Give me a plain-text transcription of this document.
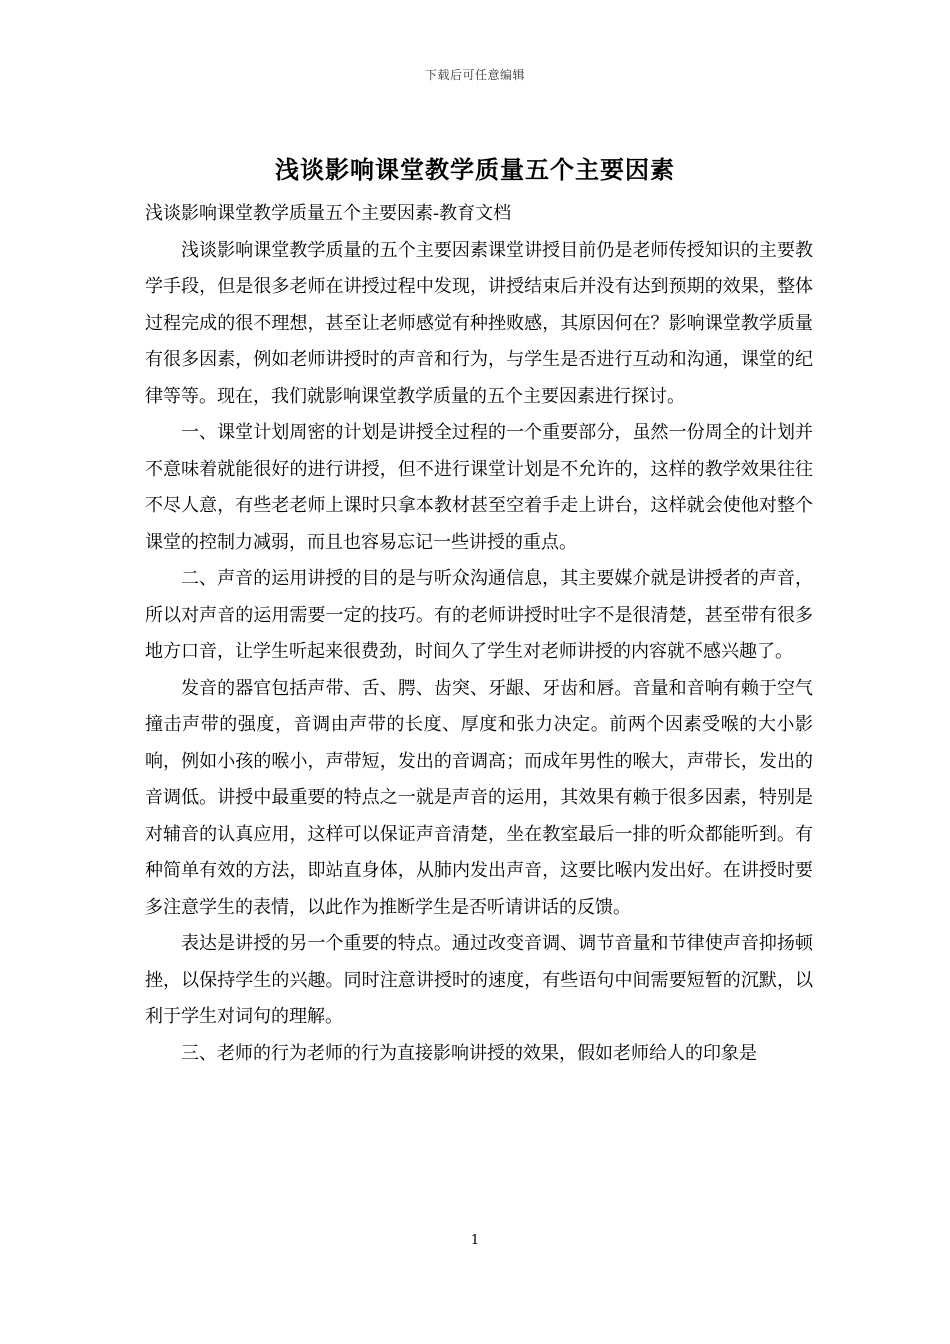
下载后可任意编辑
浅谈影响课堂教学质量五个主要因素

浅谈影响课堂教学质量五个主要因素-教育文档

浅谈影响课堂教学质量的五个主要因素课堂讲授目前仍是老师传授知识的主要教学手段，但是很多老师在讲授过程中发现，讲授结束后并没有达到预期的效果，整体过程完成的很不理想，甚至让老师感觉有种挫败感，其原因何在？影响课堂教学质量有很多因素，例如老师讲授时的声音和行为，与学生是否进行互动和沟通，课堂的纪律等等。现在，我们就影响课堂教学质量的五个主要因素进行探讨。

一、课堂计划周密的计划是讲授全过程的一个重要部分，虽然一份周全的计划并不意味着就能很好的进行讲授，但不进行课堂计划是不允许的，这样的教学效果往往不尽人意，有些老老师上课时只拿本教材甚至空着手走上讲台，这样就会使他对整个课堂的控制力减弱，而且也容易忘记一些讲授的重点。

二、声音的运用讲授的目的是与听众沟通信息，其主要媒介就是讲授者的声音，所以对声音的运用需要一定的技巧。有的老师讲授时吐字不是很清楚，甚至带有很多地方口音，让学生听起来很费劲，时间久了学生对老师讲授的内容就不感兴趣了。

发音的器官包括声带、舌、腭、齿突、牙龈、牙齿和唇。音量和音响有赖于空气撞击声带的强度，音调由声带的长度、厚度和张力决定。前两个因素受喉的大小影响，例如小孩的喉小，声带短，发出的音调高；而成年男性的喉大，声带长，发出的音调低。讲授中最重要的特点之一就是声音的运用，其效果有赖于很多因素，特别是对辅音的认真应用，这样可以保证声音清楚，坐在教室最后一排的听众都能听到。有种简单有效的方法，即站直身体，从肺内发出声音，这要比喉内发出好。在讲授时要多注意学生的表情，以此作为推断学生是否听请讲话的反馈。

表达是讲授的另一个重要的特点。通过改变音调、调节音量和节律使声音抑扬顿挫，以保持学生的兴趣。同时注意讲授时的速度，有些语句中间需要短暂的沉默，以利于学生对词句的理解。

三、老师的行为老师的行为直接影响讲授的效果，假如老师给人的印象是

1
